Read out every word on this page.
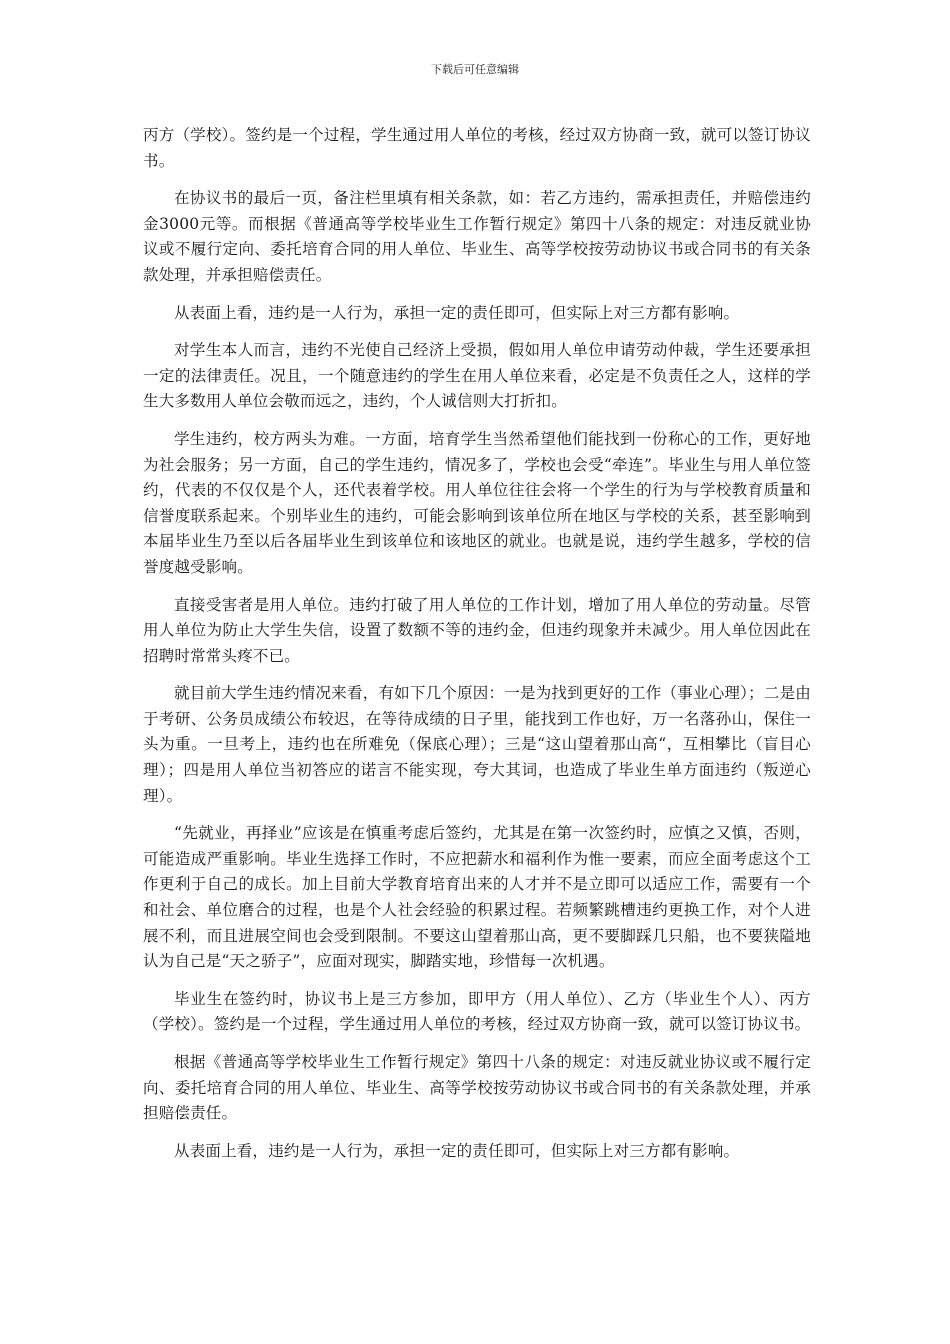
下载后可任意编辑

丙方（学校）。签约是一个过程，学生通过用人单位的考核，经过双方协商一致，就可以签订协议书。

在协议书的最后一页，备注栏里填有相关条款，如：若乙方违约，需承担责任，并赔偿违约金3000元等。而根据《普通高等学校毕业生工作暂行规定》第四十八条的规定：对违反就业协议或不履行定向、委托培育合同的用人单位、毕业生、高等学校按劳动协议书或合同书的有关条款处理，并承担赔偿责任。

从表面上看，违约是一人行为，承担一定的责任即可，但实际上对三方都有影响。

对学生本人而言，违约不光使自己经济上受损，假如用人单位申请劳动仲裁，学生还要承担一定的法律责任。况且，一个随意违约的学生在用人单位来看，必定是不负责任之人，这样的学生大多数用人单位会敬而远之，违约，个人诚信则大打折扣。

学生违约，校方两头为难。一方面，培育学生当然希望他们能找到一份称心的工作，更好地为社会服务；另一方面，自己的学生违约，情况多了，学校也会受“牵连”。毕业生与用人单位签约，代表的不仅仅是个人，还代表着学校。用人单位往往会将一个学生的行为与学校教育质量和信誉度联系起来。个别毕业生的违约，可能会影响到该单位所在地区与学校的关系，甚至影响到本届毕业生乃至以后各届毕业生到该单位和该地区的就业。也就是说，违约学生越多，学校的信誉度越受影响。

直接受害者是用人单位。违约打破了用人单位的工作计划，增加了用人单位的劳动量。尽管用人单位为防止大学生失信，设置了数额不等的违约金，但违约现象并未减少。用人单位因此在招聘时常常头疼不已。

就目前大学生违约情况来看，有如下几个原因：一是为找到更好的工作（事业心理）；二是由于考研、公务员成绩公布较迟，在等待成绩的日子里，能找到工作也好，万一名落孙山，保住一头为重。一旦考上，违约也在所难免（保底心理）；三是“这山望着那山高“，互相攀比（盲目心理）；四是用人单位当初答应的诺言不能实现，夸大其词，也造成了毕业生单方面违约（叛逆心理）。

“先就业，再择业”应该是在慎重考虑后签约，尤其是在第一次签约时，应慎之又慎，否则，可能造成严重影响。毕业生选择工作时，不应把薪水和福利作为惟一要素，而应全面考虑这个工作更利于自己的成长。加上目前大学教育培育出来的人才并不是立即可以适应工作，需要有一个和社会、单位磨合的过程，也是个人社会经验的积累过程。若频繁跳槽违约更换工作，对个人进展不利，而且进展空间也会受到限制。不要这山望着那山高，更不要脚踩几只船，也不要狭隘地认为自己是“天之骄子”，应面对现实，脚踏实地，珍惜每一次机遇。

毕业生在签约时，协议书上是三方参加，即甲方（用人单位）、乙方（毕业生个人）、丙方（学校）。签约是一个过程，学生通过用人单位的考核，经过双方协商一致，就可以签订协议书。

根据《普通高等学校毕业生工作暂行规定》第四十八条的规定：对违反就业协议或不履行定向、委托培育合同的用人单位、毕业生、高等学校按劳动协议书或合同书的有关条款处理，并承担赔偿责任。

从表面上看，违约是一人行为，承担一定的责任即可，但实际上对三方都有影响。
